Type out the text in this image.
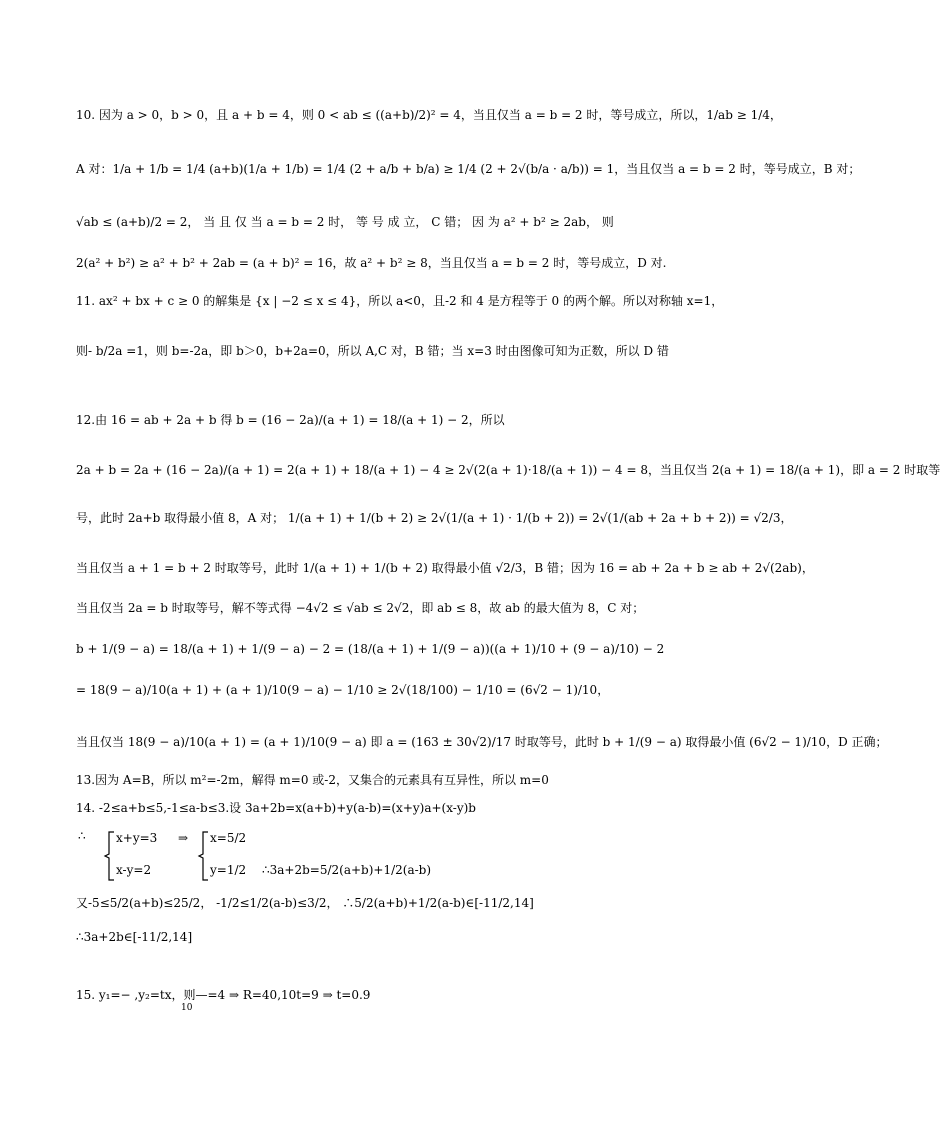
10. 因为 a > 0，b > 0，且 a + b = 4，则 0 < ab ≤ ((a+b)/2)² = 4，当且仅当 a = b = 2 时，等号成立，所以，1/ab ≥ 1/4，
A 对：1/a + 1/b = 1/4 (a+b)(1/a + 1/b) = 1/4 (2 + a/b + b/a) ≥ 1/4 (2 + 2√(b/a · a/b)) = 1，当且仅当 a = b = 2 时，等号成立，B 对；
√ab ≤ (a+b)/2 = 2， 当 且 仅 当 a = b = 2 时， 等 号 成 立， C 错； 因 为 a² + b² ≥ 2ab， 则
2(a² + b²) ≥ a² + b² + 2ab = (a + b)² = 16，故 a² + b² ≥ 8，当且仅当 a = b = 2 时，等号成立，D 对.
11. ax² + bx + c ≥ 0 的解集是 {x | −2 ≤ x ≤ 4}，所以 a<0，且-2 和 4 是方程等于 0 的两个解。所以对称轴 x=1，
则- b/2a =1，则 b=-2a，即 b＞0，b+2a=0，所以 A,C 对，B 错；当 x=3 时由图像可知为正数，所以 D 错
12.由 16 = ab + 2a + b 得 b = (16 − 2a)/(a + 1) = 18/(a + 1) − 2，所以
2a + b = 2a + (16 − 2a)/(a + 1) = 2(a + 1) + 18/(a + 1) − 4 ≥ 2√(2(a + 1)·18/(a + 1)) − 4 = 8，当且仅当 2(a + 1) = 18/(a + 1)，即 a = 2 时取等
号，此时 2a+b 取得最小值 8，A 对； 1/(a + 1) + 1/(b + 2) ≥ 2√(1/(a + 1) · 1/(b + 2)) = 2√(1/(ab + 2a + b + 2)) = √2/3，
当且仅当 a + 1 = b + 2 时取等号，此时 1/(a + 1) + 1/(b + 2) 取得最小值 √2/3，B 错；因为 16 = ab + 2a + b ≥ ab + 2√(2ab)，
当且仅当 2a = b 时取等号，解不等式得 −4√2 ≤ √ab ≤ 2√2，即 ab ≤ 8，故 ab 的最大值为 8，C 对；
b + 1/(9 − a) = 18/(a + 1) + 1/(9 − a) − 2 = (18/(a + 1) + 1/(9 − a))((a + 1)/10 + (9 − a)/10) − 2
= 18(9 − a)/10(a + 1) + (a + 1)/10(9 − a) − 1/10 ≥ 2√(18/100) − 1/10 = (6√2 − 1)/10，
当且仅当 18(9 − a)/10(a + 1) = (a + 1)/10(9 − a) 即 a = (163 ± 30√2)/17 时取等号，此时 b + 1/(9 − a) 取得最小值 (6√2 − 1)/10，D 正确；
13.因为 A=B，所以 m²=-2m，解得 m=0 或-2，又集合的元素具有互异性，所以 m=0
14. -2≤a+b≤5,-1≤a-b≤3.设 3a+2b=x(a+b)+y(a-b)=(x+y)a+(x-y)b
∴	x+y=3
x-y=2
⇒ x=5/2
y=1/2 ∴3a+2b=5/2(a+b)+1/2(a-b)
又-5≤5/2(a+b)≤25/2， -1/2≤1/2(a-b)≤3/2， ∴5/2(a+b)+1/2(a-b)∈[-11/2,14]
∴3a+2b∈[-11/2,14]
15. y₁=− ,y₂=tx，则—=4 ⇒ R=40,10t=9 ⇒ t=0.9
10
